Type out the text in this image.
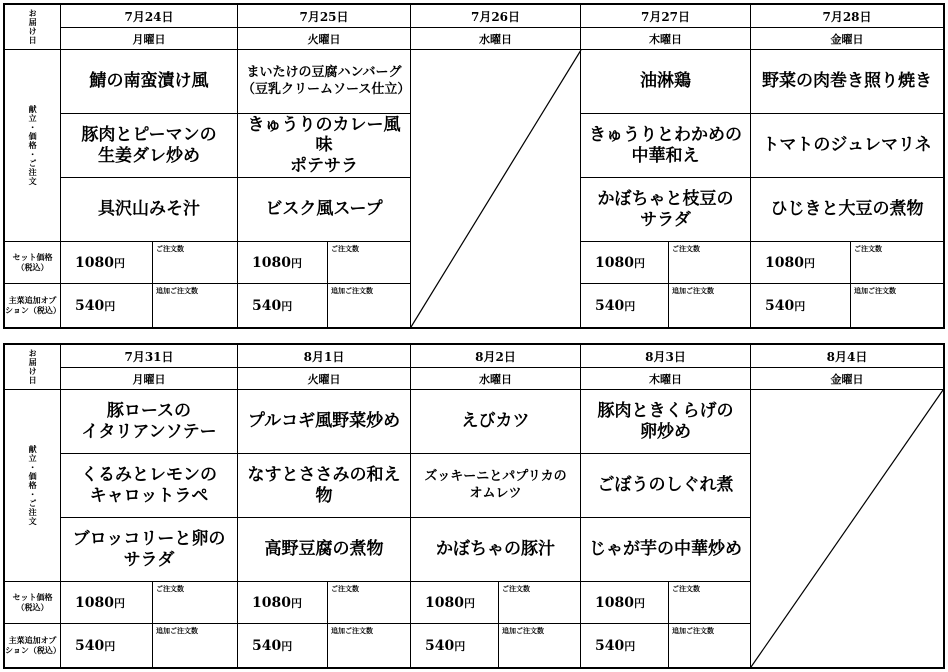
お届け日
献立・価格・ご注文
セット価格（税込）
主菜追加オプション（税込）
7月24日
月曜日
鯖の南蛮漬け風
豚肉とピーマンの
生姜ダレ炒め
具沢山みそ汁
1080 円
ご注文数
540 円
追加ご注文数
7月25日
火曜日
まいたけの豆腐ハンバーグ
（豆乳クリームソース仕立）
きゅうりのカレー風味
ポテサラ
ビスク風スープ
1080 円
ご注文数
540 円
追加ご注文数
7月26日
水曜日
7月27日
木曜日
油淋鶏
きゅうりとわかめの
中華和え
かぼちゃと枝豆の
サラダ
1080 円
ご注文数
540 円
追加ご注文数
7月28日
金曜日
野菜の肉巻き照り焼き
トマトのジュレマリネ
ひじきと大豆の煮物
1080 円
ご注文数
540 円
追加ご注文数
お届け日
献立・価格・ご注文
セット価格（税込）
主菜追加オプション（税込）
7月31日
月曜日
豚ロースの
イタリアンソテー
くるみとレモンの
キャロットラペ
ブロッコリーと卵の
サラダ
1080 円
ご注文数
540 円
追加ご注文数
8月1日
火曜日
プルコギ風野菜炒め
なすとささみの和え物
高野豆腐の煮物
1080 円
ご注文数
540 円
追加ご注文数
8月2日
水曜日
えびカツ
ズッキーニとパプリカの
オムレツ
かぼちゃの豚汁
1080 円
ご注文数
540 円
追加ご注文数
8月3日
木曜日
豚肉ときくらげの
卵炒め
ごぼうのしぐれ煮
じゃが芋の中華炒め
1080 円
ご注文数
540 円
追加ご注文数
8月4日
金曜日
